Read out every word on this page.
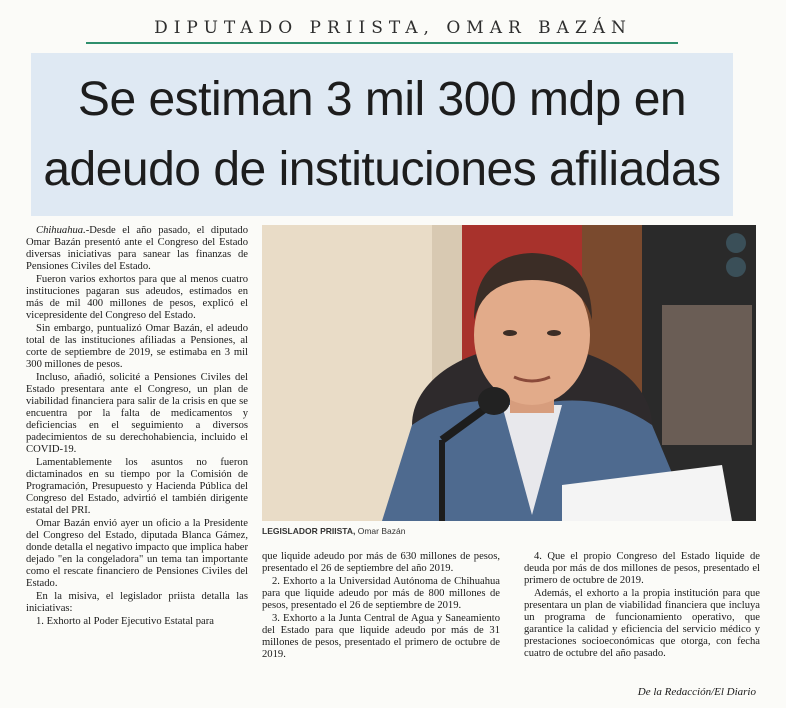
DIPUTADO PRIISTA, OMAR BAZÁN
Se estiman 3 mil 300 mdp en
adeudo de instituciones afiliadas

Chihuahua.-Desde el año pasado, el diputado Omar Bazán presentó ante el Congreso del Estado diversas iniciativas para sanear las finanzas de Pensiones Civiles del Estado.

Fueron varios exhortos para que al menos cuatro instituciones pagaran sus adeudos, estimados en más de mil 400 millones de pesos, explicó el vicepresidente del Congreso del Estado.

Sin embargo, puntualizó Omar Bazán, el adeudo total de las instituciones afiliadas a Pensiones, al corte de septiembre de 2019, se estimaba en 3 mil 300 millones de pesos.

Incluso, añadió, solicité a Pensiones Civiles del Estado presentara ante el Congreso, un plan de viabilidad financiera para salir de la crisis en que se encuentra por la falta de medicamentos y deficiencias en el seguimiento a diversos padecimientos de su derechohabiencia, incluido el COVID-19.

Lamentablemente los asuntos no fueron dictaminados en su tiempo por la Comisión de Programación, Presupuesto y Hacienda Pública del Congreso del Estado, advirtió el también dirigente estatal del PRI.

Omar Bazán envió ayer un oficio a la Presidente del Congreso del Estado, diputada Blanca Gámez, donde detalla el negativo impacto que implica haber dejado "en la congeladora" un tema tan importante como el rescate financiero de Pensiones Civiles del Estado.

En la misiva, el legislador priista detalla las iniciativas:

1. Exhorto al Poder Ejecutivo Estatal para

LEGISLADOR PRIISTA, Omar Bazán

que liquide adeudo por más de 630 millones de pesos, presentado el 26 de septiembre del año 2019.

2. Exhorto a la Universidad Autónoma de Chihuahua para que liquide adeudo por más de 800 millones de pesos, presentado el 26 de septiembre de 2019.

3. Exhorto a la Junta Central de Agua y Saneamiento del Estado para que liquide adeudo por más de 31 millones de pesos, presentado el primero de octubre de 2019.

4. Que el propio Congreso del Estado liquide de deuda por más de dos millones de pesos, presentado el primero de octubre de 2019.

Además, el exhorto a la propia institución para que presentara un plan de viabilidad financiera que incluya un programa de funcionamiento operativo, que garantice la calidad y eficiencia del servicio médico y prestaciones socioeconómicas que otorga, con fecha cuatro de octubre del año pasado.

De la Redacción/El Diario
